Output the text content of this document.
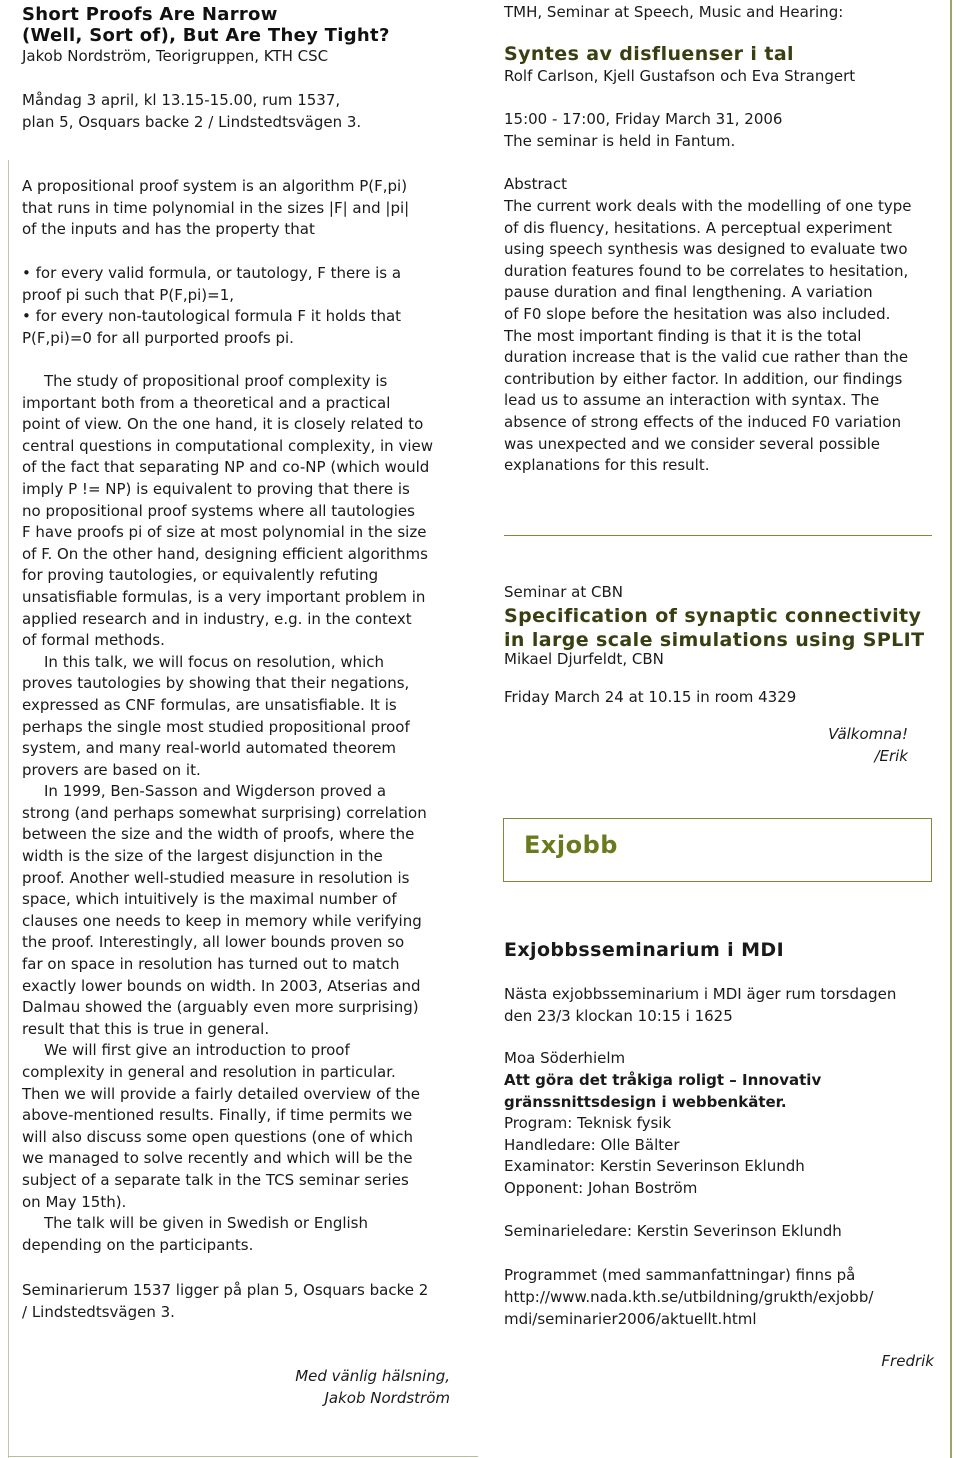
Short Proofs Are Narrow
(Well, Sort of), But Are They Tight?
Jakob Nordström, Teorigruppen, KTH CSC
Måndag 3 april, kl 13.15-15.00, rum 1537,
plan 5, Osquars backe 2 / Lindstedtsvägen 3.
A propositional proof system is an algorithm P(F,pi)
that runs in time polynomial in the sizes |F| and |pi|
of the inputs and has the property that
• for every valid formula, or tautology, F there is a
proof pi such that P(F,pi)=1,
• for every non-tautological formula F it holds that
P(F,pi)=0 for all purported proofs pi.
The study of propositional proof complexity is
important both from a theoretical and a practical
point of view. On the one hand, it is closely related to
central questions in computational complexity, in view
of the fact that separating NP and co-NP (which would
imply P != NP) is equivalent to proving that there is
no propositional proof systems where all tautologies
F have proofs pi of size at most polynomial in the size
of F. On the other hand, designing efficient algorithms
for proving tautologies, or equivalently refuting
unsatisfiable formulas, is a very important problem in
applied research and in industry, e.g. in the context
of formal methods.
In this talk, we will focus on resolution, which
proves tautologies by showing that their negations,
expressed as CNF formulas, are unsatisfiable. It is
perhaps the single most studied propositional proof
system, and many real-world automated theorem
provers are based on it.
In 1999, Ben-Sasson and Wigderson proved a
strong (and perhaps somewhat surprising) correlation
between the size and the width of proofs, where the
width is the size of the largest disjunction in the
proof. Another well-studied measure in resolution is
space, which intuitively is the maximal number of
clauses one needs to keep in memory while verifying
the proof. Interestingly, all lower bounds proven so
far on space in resolution has turned out to match
exactly lower bounds on width. In 2003, Atserias and
Dalmau showed the (arguably even more surprising)
result that this is true in general.
We will first give an introduction to proof
complexity in general and resolution in particular.
Then we will provide a fairly detailed overview of the
above-mentioned results. Finally, if time permits we
will also discuss some open questions (one of which
we managed to solve recently and which will be the
subject of a separate talk in the TCS seminar series
on May 15th).
The talk will be given in Swedish or English
depending on the participants.
Seminarierum 1537 ligger på plan 5, Osquars backe 2
/ Lindstedtsvägen 3.
Med vänlig hälsning,
Jakob Nordström
TMH, Seminar at Speech, Music and Hearing:
Syntes av disfluenser i tal
Rolf Carlson, Kjell Gustafson och Eva Strangert
15:00 - 17:00, Friday March 31, 2006
The seminar is held in Fantum.
Abstract
The current work deals with the modelling of one type
of dis fluency, hesitations. A perceptual experiment
using speech synthesis was designed to evaluate two
duration features found to be correlates to hesitation,
pause duration and final lengthening. A variation
of F0 slope before the hesitation was also included.
The most important finding is that it is the total
duration increase that is the valid cue rather than the
contribution by either factor. In addition, our findings
lead us to assume an interaction with syntax. The
absence of strong effects of the induced F0 variation
was unexpected and we consider several possible
explanations for this result.
Seminar at CBN
Specification of synaptic connectivity
in large scale simulations using SPLIT
Mikael Djurfeldt, CBN
Friday March 24 at 10.15 in room 4329
Välkomna!
/Erik
Exjobbsseminarium i MDI
Nästa exjobbsseminarium i MDI äger rum torsdagen
den 23/3 klockan 10:15 i 1625
Moa Söderhielm
Att göra det tråkiga roligt – Innovativ
gränssnittsdesign i webbenkäter.
Program: Teknisk fysik
Handledare: Olle Bälter
Examinator: Kerstin Severinson Eklundh
Opponent: Johan Boström
Seminarieledare: Kerstin Severinson Eklundh
Programmet (med sammanfattningar) finns på
http://www.nada.kth.se/utbildning/grukth/exjobb/
mdi/seminarier2006/aktuellt.html
Fredrik
Exjobb
